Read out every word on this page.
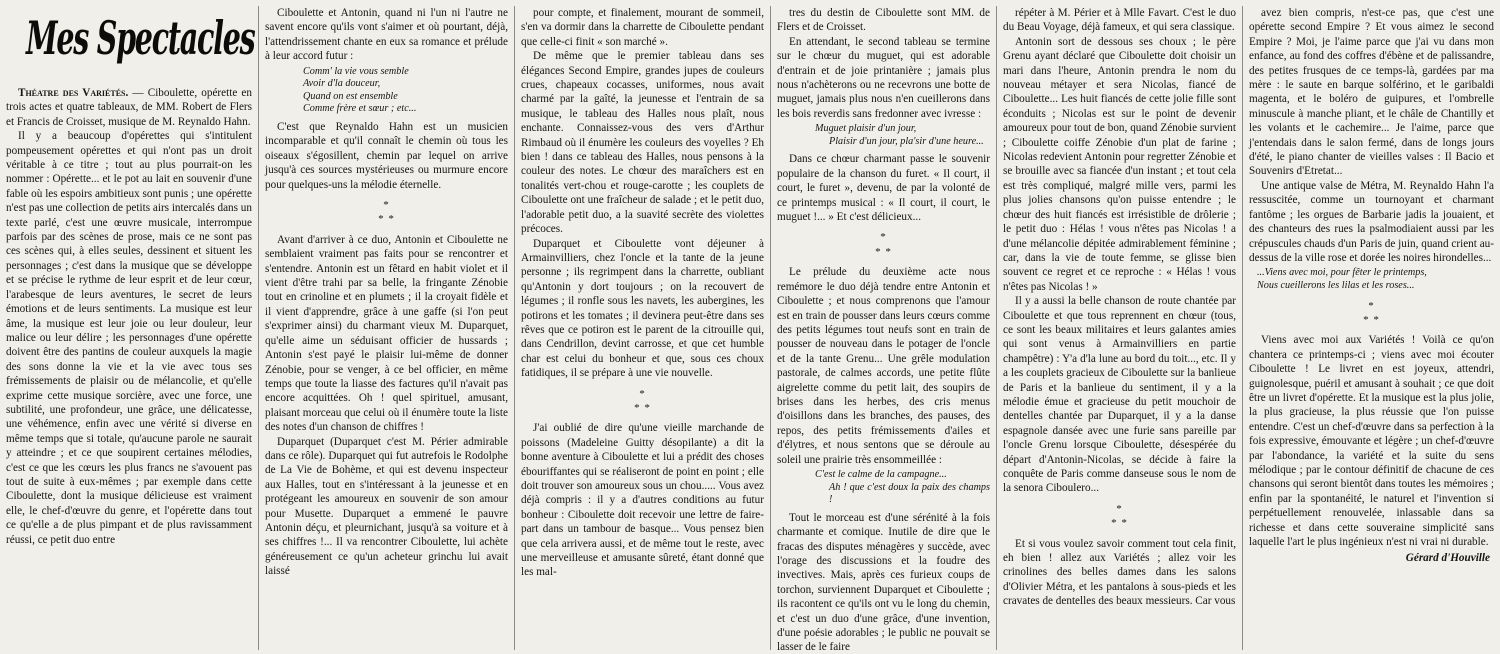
Mes Spectacles

Théatre des Variétés. — Ciboulette, opérette en trois actes et quatre tableaux, de MM. Robert de Flers et Francis de Croisset, musique de M. Reynaldo Hahn.

Il y a beaucoup d'opérettes qui s'intitulent pompeusement opérettes et qui n'ont pas un droit véritable à ce titre ; tout au plus pourrait-on les nommer : Opérette... et le pot au lait en souvenir d'une fable où les espoirs ambitieux sont punis ; une opérette n'est pas une collection de petits airs intercalés dans un texte parlé, c'est une œuvre musicale, interrompue parfois par des scènes de prose, mais ce ne sont pas ces scènes qui, à elles seules, dessinent et situent les personnages ; c'est dans la musique que se développe et se précise le rythme de leur esprit et de leur cœur, l'arabesque de leurs aventures, le secret de leurs émotions et de leurs sentiments. La musique est leur âme, la musique est leur joie ou leur douleur, leur malice ou leur délire ; les personnages d'une opérette doivent être des pantins de couleur auxquels la magie des sons donne la vie et la vie avec tous ses frémissements de plaisir ou de mélancolie, et qu'elle exprime cette musique sorcière, avec une force, une subtilité, une profondeur, une grâce, une délicatesse, une véhémence, enfin avec une vérité si diverse en même temps que si totale, qu'aucune parole ne saurait y atteindre ; et ce que soupirent certaines mélodies, c'est ce que les cœurs les plus francs ne s'avouent pas tout de suite à eux-mêmes ; par exemple dans cette Ciboulette, dont la musique délicieuse est vraiment elle, le chef-d'œuvre du genre, et l'opérette dans tout ce qu'elle a de plus pimpant et de plus ravissamment réussi, ce petit duo entre

Ciboulette et Antonin, quand ni l'un ni l'autre ne savent encore qu'ils vont s'aimer et où pourtant, déjà, l'attendrissement chante en eux sa romance et prélude à leur accord futur :

Comm' la vie vous semble
Avoir d'la douceur,
Quand on est ensemble
Comme frère et sœur ; etc...

C'est que Reynaldo Hahn est un musicien incomparable et qu'il connaît le chemin où tous les oiseaux s'égosillent, chemin par lequel on arrive jusqu'à ces sources mystérieuses ou murmure encore pour quelques-uns la mélodie éternelle.

*
* *

Avant d'arriver à ce duo, Antonin et Ciboulette ne semblaient vraiment pas faits pour se rencontrer et s'entendre. Antonin est un fêtard en habit violet et il vient d'être trahi par sa belle, la fringante Zénobie tout en crinoline et en plumets ; il la croyait fidèle et il vient d'apprendre, grâce à une gaffe (si l'on peut s'exprimer ainsi) du charmant vieux M. Duparquet, qu'elle aime un séduisant officier de hussards ; Antonin s'est payé le plaisir lui-même de donner Zénobie, pour se venger, à ce bel officier, en même temps que toute la liasse des factures qu'il n'avait pas encore acquittées. Oh ! quel spirituel, amusant, plaisant morceau que celui où il énumère toute la liste des notes d'un chanson de chiffres !

Duparquet (Duparquet c'est M. Périer admirable dans ce rôle). Duparquet qui fut autrefois le Rodolphe de La Vie de Bohème, et qui est devenu inspecteur aux Halles, tout en s'intéressant à la jeunesse et en protégeant les amoureux en souvenir de son amour pour Musette. Duparquet a emmené le pauvre Antonin déçu, et pleurnichant, jusqu'à sa voiture et à ses chiffres !... Il va rencontrer Ciboulette, lui achète généreusement ce qu'un acheteur grinchu lui avait laissé

pour compte, et finalement, mourant de sommeil, s'en va dormir dans la charrette de Ciboulette pendant que celle-ci finit « son marché ».

De même que le premier tableau dans ses élégances Second Empire, grandes jupes de couleurs crues, chapeaux cocasses, uniformes, nous avait charmé par la gaîté, la jeunesse et l'entrain de sa musique, le tableau des Halles nous plaît, nous enchante. Connaissez-vous des vers d'Arthur Rimbaud où il énumère les couleurs des voyelles ? Eh bien ! dans ce tableau des Halles, nous pensons à la couleur des notes. Le chœur des maraîchers est en tonalités vert-chou et rouge-carotte ; les couplets de Ciboulette ont une fraîcheur de salade ; et le petit duo, l'adorable petit duo, a la suavité secrète des violettes précoces.

Duparquet et Ciboulette vont déjeuner à Armainvilliers, chez l'oncle et la tante de la jeune personne ; ils regrimpent dans la charrette, oubliant qu'Antonin y dort toujours ; on la recouvert de légumes ; il ronfle sous les navets, les aubergines, les potirons et les tomates ; il devinera peut-être dans ses rêves que ce potiron est le parent de la citrouille qui, dans Cendrillon, devint carrosse, et que cet humble char est celui du bonheur et que, sous ces choux fatidiques, il se prépare à une vie nouvelle.

*
* *

J'ai oublié de dire qu'une vieille marchande de poissons (Madeleine Guitty désopilante) a dit la bonne aventure à Ciboulette et lui a prédit des choses ébouriffantes qui se réaliseront de point en point ; elle doit trouver son amoureux sous un chou..... Vous avez déjà compris : il y a d'autres conditions au futur bonheur : Ciboulette doit recevoir une lettre de faire-part dans un tambour de basque... Vous pensez bien que cela arrivera aussi, et de même tout le reste, avec une merveilleuse et amusante sûreté, étant donné que les mal-

tres du destin de Ciboulette sont MM. de Flers et de Croisset.

En attendant, le second tableau se termine sur le chœur du muguet, qui est adorable d'entrain et de joie printanière ; jamais plus nous n'achèterons ou ne recevrons une botte de muguet, jamais plus nous n'en cueillerons dans les bois reverdis sans fredonner avec ivresse :

Muguet plaisir d'un jour,
Plaisir d'un jour, pla'sir d'une heure...

Dans ce chœur charmant passe le souvenir populaire de la chanson du furet. « Il court, il court, le furet », devenu, de par la volonté de ce printemps musical : « Il court, il court, le muguet !... » Et c'est délicieux...

*
* *

Le prélude du deuxième acte nous remémore le duo déjà tendre entre Antonin et Ciboulette ; et nous comprenons que l'amour est en train de pousser dans leurs cœurs comme des petits légumes tout neufs sont en train de pousser de nouveau dans le potager de l'oncle et de la tante Grenu... Une grêle modulation pastorale, de calmes accords, une petite flûte aigrelette comme du petit lait, des soupirs de brises dans les herbes, des cris menus d'oisillons dans les branches, des pauses, des repos, des petits frémissements d'ailes et d'élytres, et nous sentons que se déroule au soleil une prairie très ensommeillée :

C'est le calme de la campagne...
Ah ! que c'est doux la paix des champs !

Tout le morceau est d'une sérénité à la fois charmante et comique. Inutile de dire que le fracas des disputes ménagères y succède, avec l'orage des discussions et la foudre des invectives. Mais, après ces furieux coups de torchon, surviennent Duparquet et Ciboulette ; ils racontent ce qu'ils ont vu le long du chemin, et c'est un duo d'une grâce, d'une invention, d'une poésie adorables ; le public ne pouvait se lasser de le faire

répéter à M. Périer et à Mlle Favart. C'est le duo du Beau Voyage, déjà fameux, et qui sera classique.

Antonin sort de dessous ses choux ; le père Grenu ayant déclaré que Ciboulette doit choisir un mari dans l'heure, Antonin prendra le nom du nouveau métayer et sera Nicolas, fiancé de Ciboulette... Les huit fiancés de cette jolie fille sont éconduits ; Nicolas est sur le point de devenir amoureux pour tout de bon, quand Zénobie survient ; Ciboulette coiffe Zénobie d'un plat de farine ; Nicolas redevient Antonin pour regretter Zénobie et se brouille avec sa fiancée d'un instant ; et tout cela est très compliqué, malgré mille vers, parmi les plus jolies chansons qu'on puisse entendre ; le chœur des huit fiancés est irrésistible de drôlerie ; le petit duo : Hélas ! vous n'êtes pas Nicolas ! a d'une mélancolie dépitée admirablement féminine ; car, dans la vie de toute femme, se glisse bien souvent ce regret et ce reproche : « Hélas ! vous n'êtes pas Nicolas ! »

Il y a aussi la belle chanson de route chantée par Ciboulette et que tous reprennent en chœur (tous, ce sont les beaux militaires et leurs galantes amies qui sont venus à Armainvilliers en partie champêtre) : Y'a d'la lune au bord du toit..., etc. Il y a les couplets gracieux de Ciboulette sur la banlieue de Paris et la banlieue du sentiment, il y a la mélodie émue et gracieuse du petit mouchoir de dentelles chantée par Duparquet, il y a la danse espagnole dansée avec une furie sans pareille par l'oncle Grenu lorsque Ciboulette, désespérée du départ d'Antonin-Nicolas, se décide à faire la conquête de Paris comme danseuse sous le nom de la senora Ciboulero...

*
* *

Et si vous voulez savoir comment tout cela finit, eh bien ! allez aux Variétés ; allez voir les crinolines des belles dames dans les salons d'Olivier Métra, et les pantalons à sous-pieds et les cravates de dentelles des beaux messieurs. Car vous

avez bien compris, n'est-ce pas, que c'est une opérette second Empire ? Et vous aimez le second Empire ? Moi, je l'aime parce que j'ai vu dans mon enfance, au fond des coffres d'ébène et de palissandre, des petites frusques de ce temps-là, gardées par ma mère : le saute en barque solférino, et le garibaldi magenta, et le boléro de guipures, et l'ombrelle minuscule à manche pliant, et le châle de Chantilly et les volants et le cachemire... Je l'aime, parce que j'entendais dans le salon fermé, dans de longs jours d'été, le piano chanter de vieilles valses : Il Bacio et Souvenirs d'Etretat...

Une antique valse de Métra, M. Reynaldo Hahn l'a ressuscitée, comme un tournoyant et charmant fantôme ; les orgues de Barbarie jadis la jouaient, et des chanteurs des rues la psalmodiaient aussi par les crépuscules chauds d'un Paris de juin, quand crient au-dessus de la ville rose et dorée les noires hirondelles...

...Viens avec moi, pour fêter le printemps,
Nous cueillerons les lilas et les roses...
*
* *

Viens avec moi aux Variétés ! Voilà ce qu'on chantera ce printemps-ci ; viens avec moi écouter Ciboulette ! Le livret en est joyeux, attendri, guignolesque, puéril et amusant à souhait ; ce que doit être un livret d'opérette. Et la musique est la plus jolie, la plus gracieuse, la plus réussie que l'on puisse entendre. C'est un chef-d'œuvre dans sa perfection à la fois expressive, émouvante et légère ; un chef-d'œuvre par l'abondance, la variété et la suite du sens mélodique ; par le contour définitif de chacune de ces chansons qui seront bientôt dans toutes les mémoires ; enfin par la spontanéité, le naturel et l'invention si perpétuellement renouvelée, inlassable dans sa richesse et dans cette souveraine simplicité sans laquelle l'art le plus ingénieux n'est ni vrai ni durable.

Gérard d'Houville
